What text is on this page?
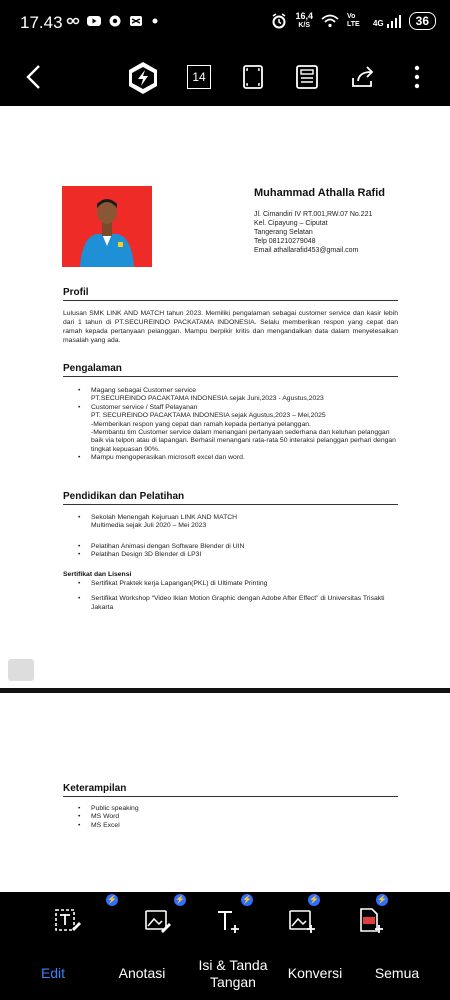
17.43	16,4
K/S
Vo LTE	4G	36
14
Muhammad Athalla Rafid
Jl. Cimandiri IV RT.001,RW.07 No.221
Kel. Cipayung – Ciputat
Tangerang Selatan
Telp 081210279048
Email athallarafid453@gmail.com
Profil
Lulusan SMK LINK AND MATCH tahun 2023. Memiliki pengalaman sebagai customer service dan kasir lebih dari 1 tahun di PT.SECUREINDO PACKATAMA INDONESIA. Selalu memberikan respon yang cepat dan ramah kepada pertanyaan pelanggan. Mampu berpikir kritis dan mengandalkan data dalam menyelesaikan masalah yang ada.
Pengalaman
• Magang sebagai Customer service
PT.SECUREINDO PACAKTAMA INDONESIA sejak Juni,2023 - Agustus,2023
• Customer service / Staff Pelayanan
PT. SECUREINDO PACAKTAMA INDONESIA sejak Agustus,2023 – Mei,2025
-Memberikan respon yang cepat dan ramah kepada pertanya pelanggan.
-Membantu tim Customer service dalam menangani pertanyaan sederhana dan keluhan pelanggan baik via telpon atau di lapangan. Berhasil menangani rata-rata 50 interaksi pelanggan perhari dengan tingkat kepuasan 90%.
• Mampu mengoperasikan microsoft excel dan word.
Pendidikan dan Pelatihan
• Sekolah Menengah Kejuruan LINK AND MATCH
Multimedia sejak Juli 2020 – Mei 2023
• Pelatihan Animasi dengan Software Blender di UIN
• Pelatihan Design 3D Blender di LP3I
Sertifikat dan Lisensi
• Sertifikat Praktek kerja Lapangan(PKL) di Ultimate Printing
• Sertifikat Workshop “Video Iklan Motion Graphic dengan Adobe After Effect” di Universitas Trisakti Jakarta
Keterampilan
• Public speaking
• MS Word
• MS Excel
⚡	⚡	⚡	⚡	⚡
Edit	Anotasi	Isi & Tanda Tangan
Konversi	Semua
